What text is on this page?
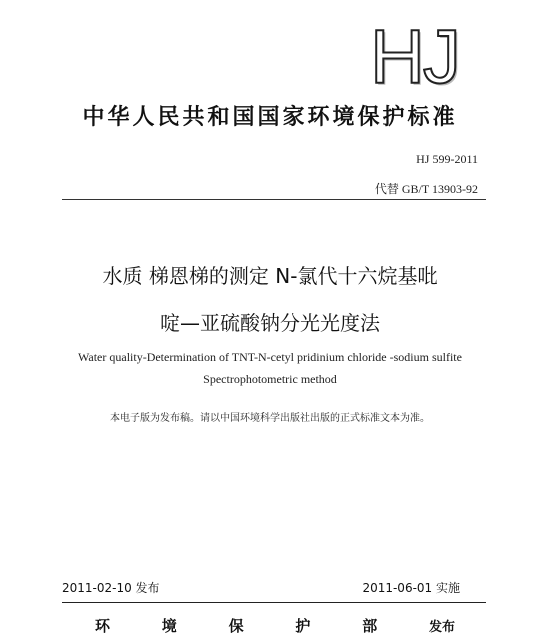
HJ
中华人民共和国国家环境保护标准
HJ 599-2011
代替 GB/T 13903-92
水质 梯恩梯的测定 N-氯代十六烷基吡
啶—亚硫酸钠分光光度法
Water quality-Determination of TNT-N-cetyl pridinium chloride -sodium sulfite
Spectrophotometric method
本电子版为发布稿。请以中国环境科学出版社出版的正式标准文本为准。
2011-02-10 发布	2011-06-01 实施
环	境	保	护	部	发布
